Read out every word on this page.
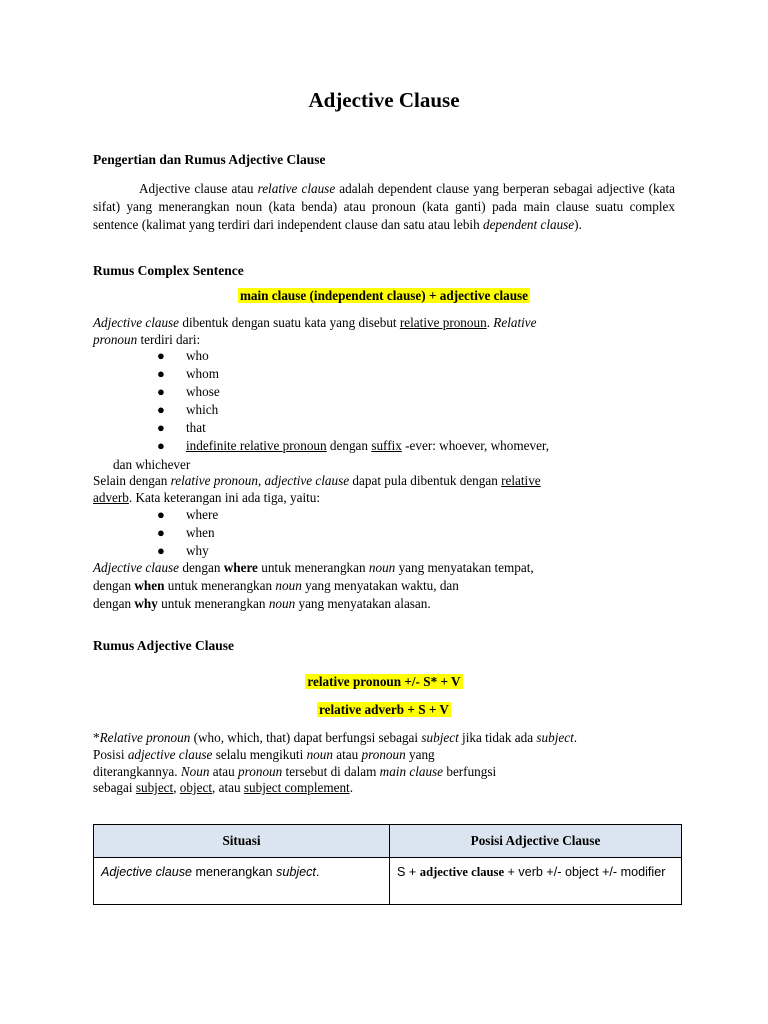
Adjective Clause
Pengertian dan Rumus Adjective Clause
Adjective clause atau relative clause adalah dependent clause yang berperan sebagai adjective (kata sifat) yang menerangkan noun (kata benda) atau pronoun (kata ganti) pada main clause suatu complex sentence (kalimat yang terdiri dari independent clause dan satu atau lebih dependent clause).
Rumus Complex Sentence
main clause (independent clause) + adjective clause
Adjective clause dibentuk dengan suatu kata yang disebut relative pronoun. Relative
pronoun terdiri dari:
● who
● whom
● whose
● which
● that
● indefinite relative pronoun dengan suffix -ever: whoever, whomever,
dan whichever
Selain dengan relative pronoun, adjective clause dapat pula dibentuk dengan relative
adverb. Kata keterangan ini ada tiga, yaitu:
● where
● when
● why
Adjective clause dengan where untuk menerangkan noun yang menyatakan tempat,
dengan when untuk menerangkan noun yang menyatakan waktu, dan
dengan why untuk menerangkan noun yang menyatakan alasan.
Rumus Adjective Clause
relative pronoun +/- S* + V
relative adverb + S + V
*Relative pronoun (who, which, that) dapat berfungsi sebagai subject jika tidak ada subject.
Posisi adjective clause selalu mengikuti noun atau pronoun yang
diterangkannya. Noun atau pronoun tersebut di dalam main clause berfungsi
sebagai subject, object, atau subject complement.
Situasi	Posisi Adjective Clause
Adjective clause menerangkan subject.	S + adjective clause + verb +/- object +/- modifier
